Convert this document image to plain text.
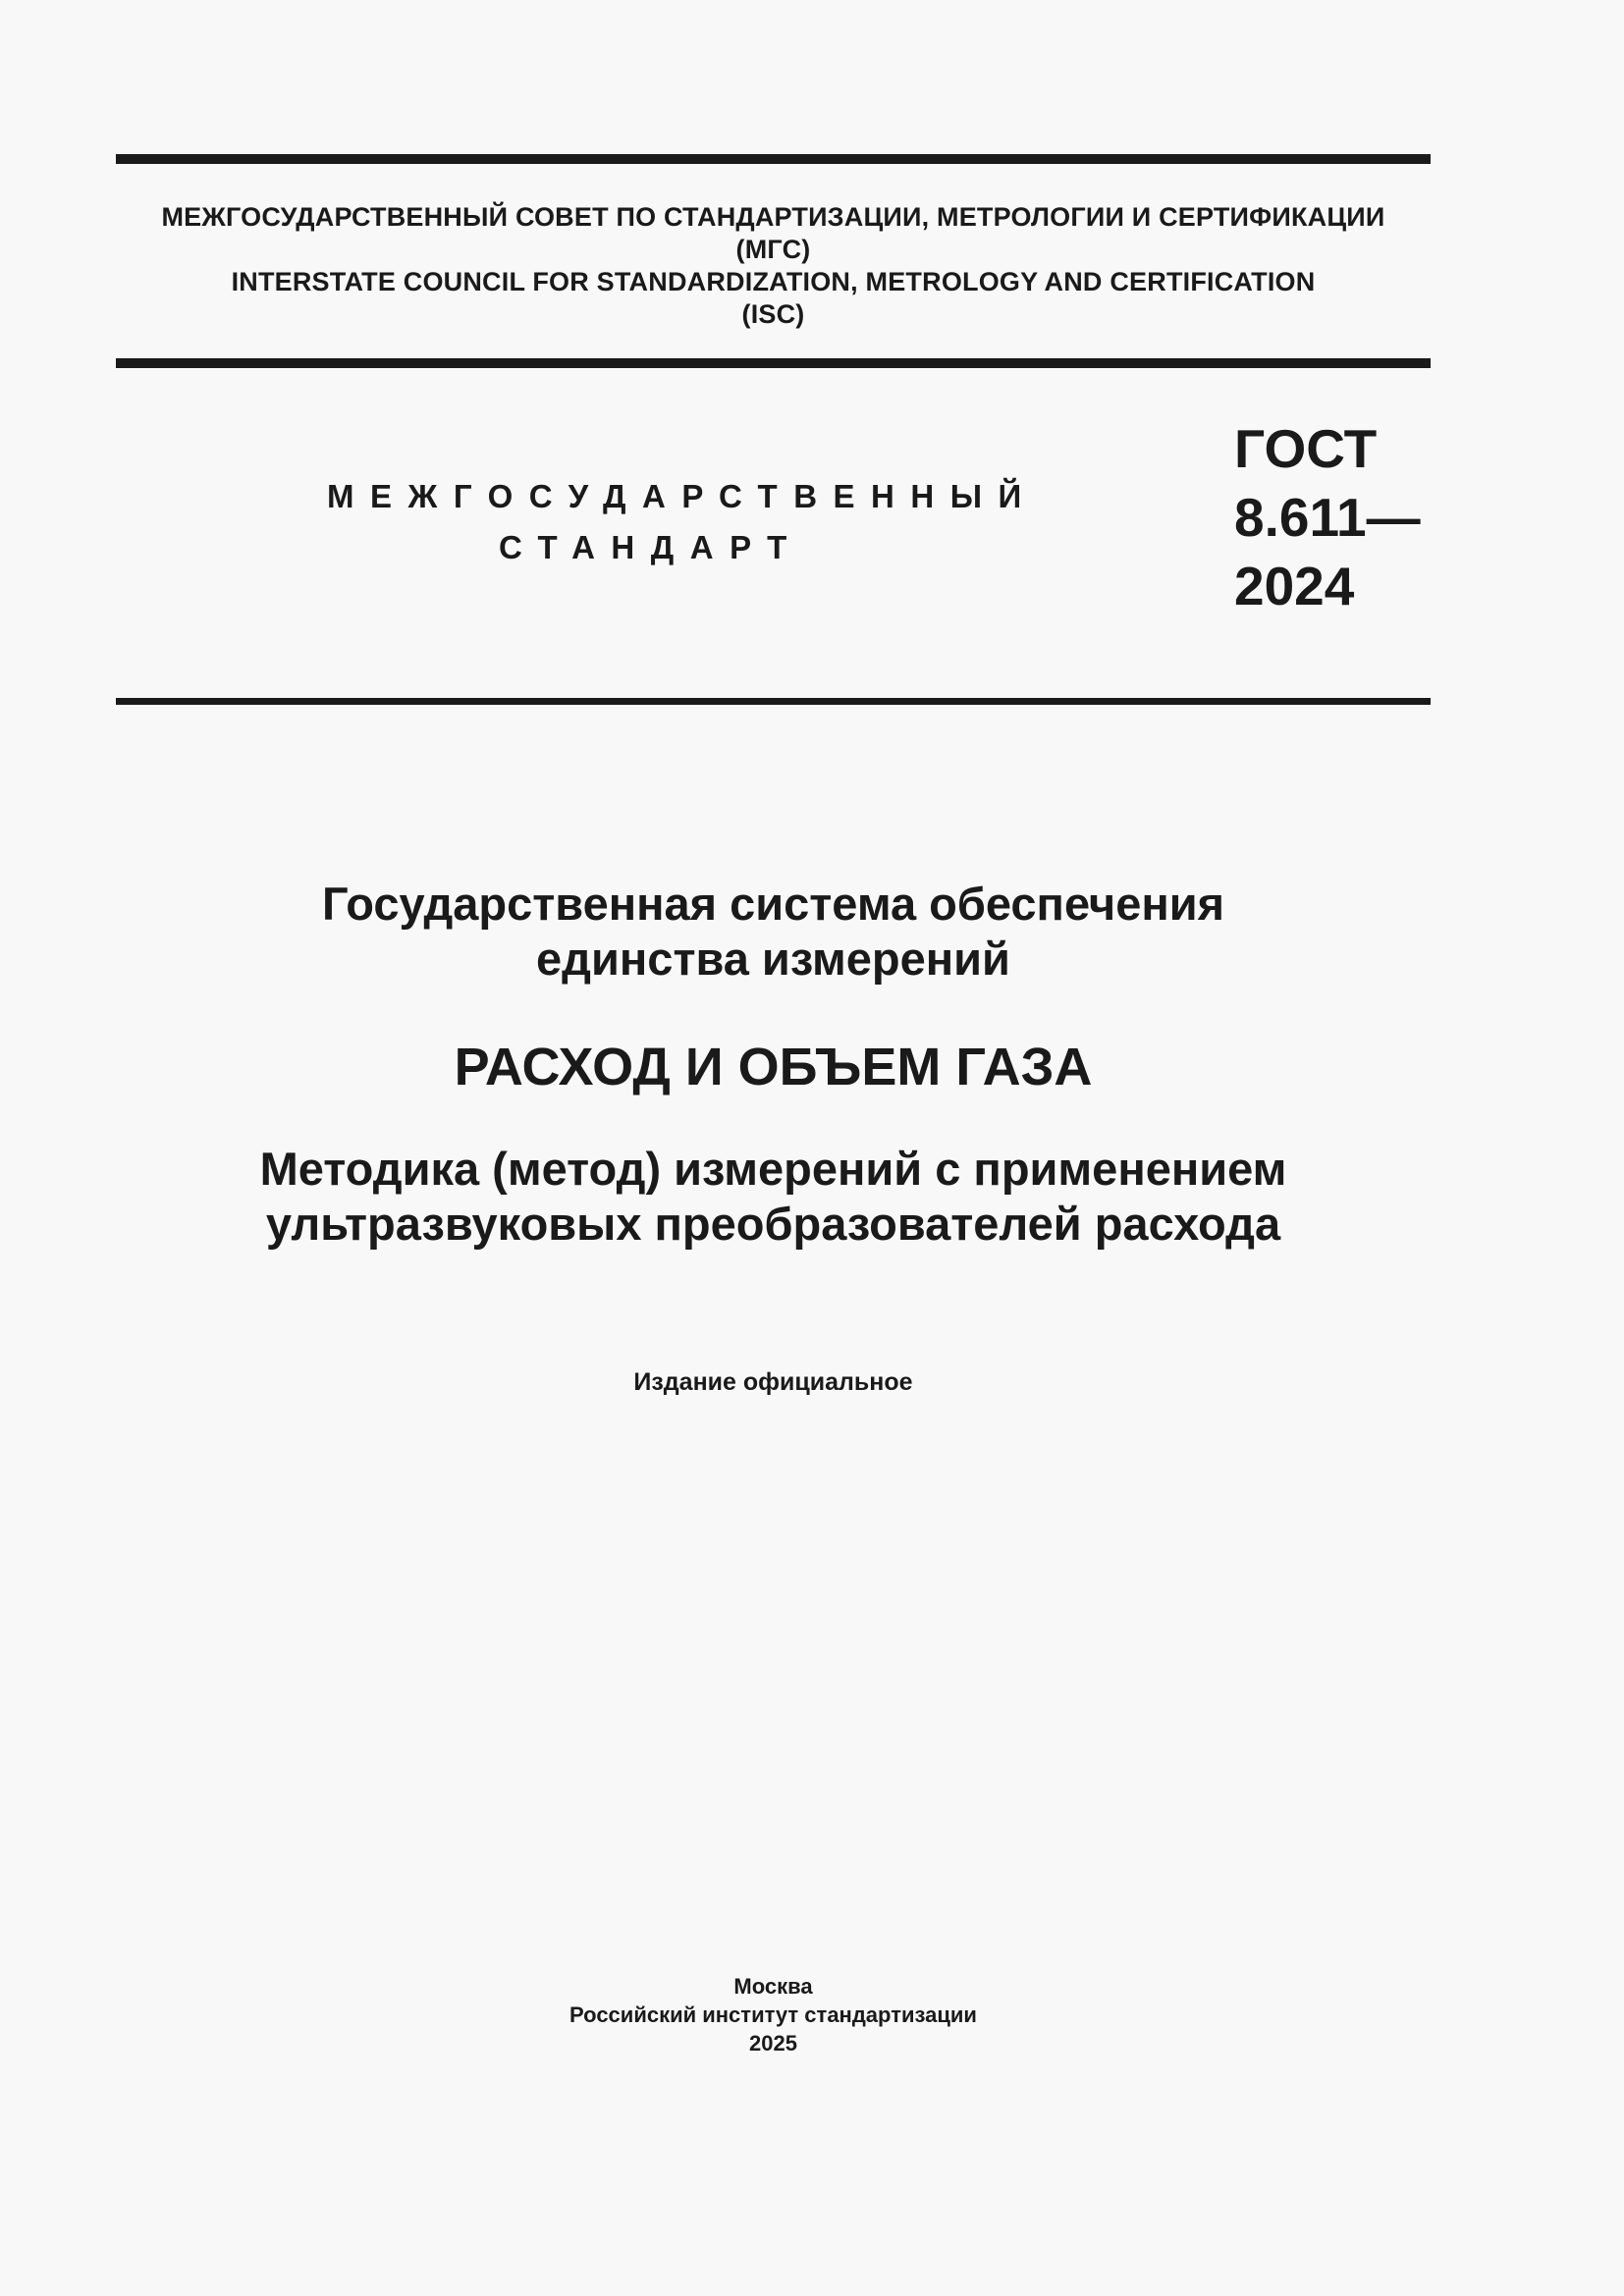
МЕЖГОСУДАРСТВЕННЫЙ СОВЕТ ПО СТАНДАРТИЗАЦИИ, МЕТРОЛОГИИ И СЕРТИФИКАЦИИ
(МГС)
INTERSTATE COUNCIL FOR STANDARDIZATION, METROLOGY AND CERTIFICATION
(ISC)
МЕЖГОСУДАРСТВЕННЫЙ
СТАНДАРТ
ГОСТ
8.611—
2024
Государственная система обеспечения
единства измерений
РАСХОД И ОБЪЕМ ГАЗА
Методика (метод) измерений с применением
ультразвуковых преобразователей расхода
Издание официальное
Москва
Российский институт стандартизации
2025
